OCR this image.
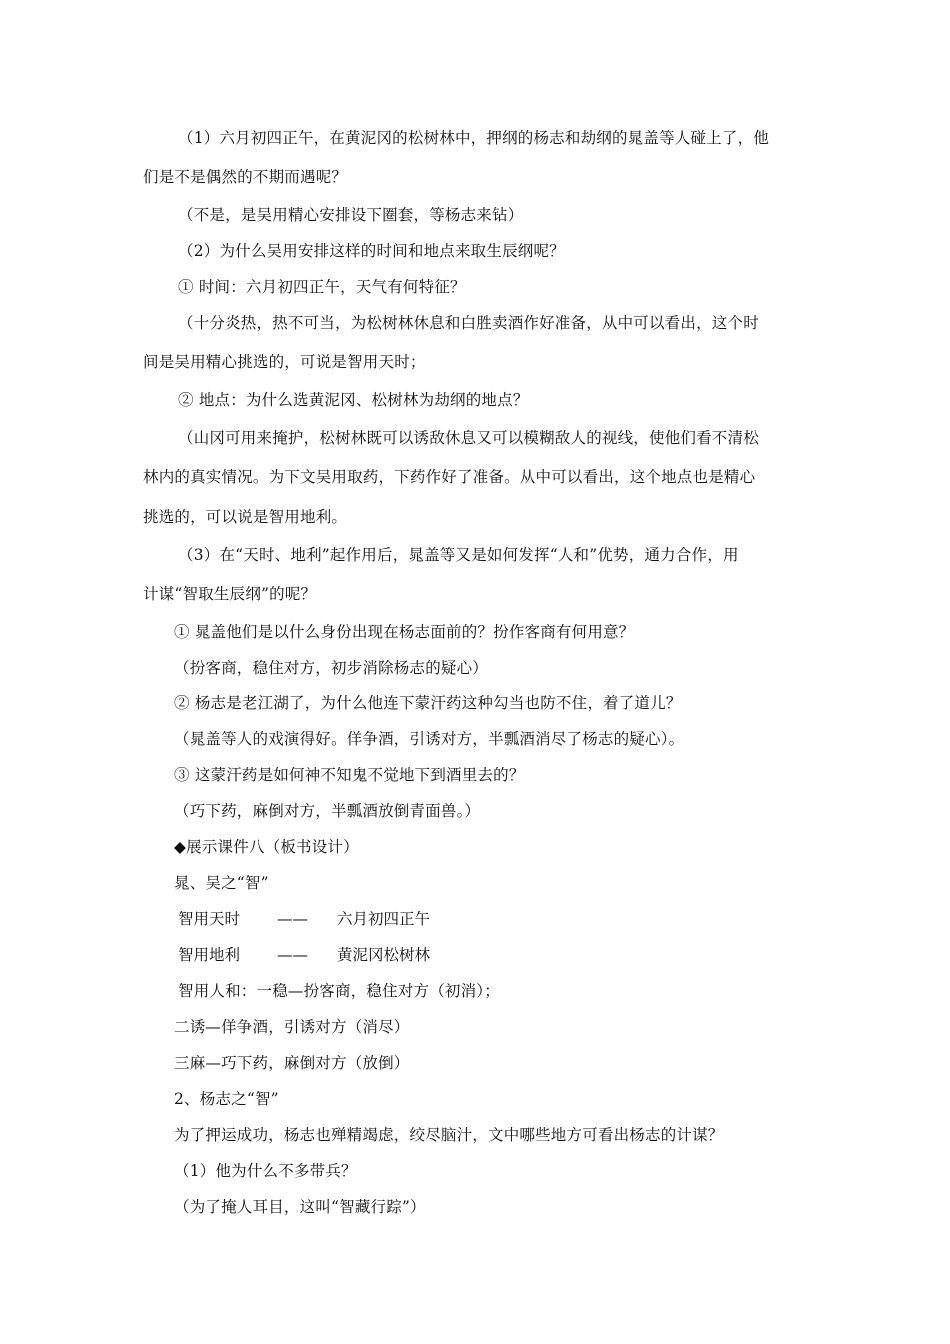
（1）六月初四正午，在黄泥冈的松树林中，押纲的杨志和劫纲的晁盖等人碰上了，他
们是不是偶然的不期而遇呢？
（不是，是吴用精心安排设下圈套，等杨志来钻）
（2）为什么吴用安排这样的时间和地点来取生辰纲呢？
① 时间：六月初四正午，天气有何特征？
（十分炎热，热不可当，为松树林休息和白胜卖酒作好准备，从中可以看出，这个时
间是吴用精心挑选的，可说是智用天时；
② 地点：为什么选黄泥冈、松树林为劫纲的地点？
（山冈可用来掩护，松树林既可以诱敌休息又可以模糊敌人的视线，使他们看不清松
林内的真实情况。为下文吴用取药，下药作好了准备。从中可以看出，这个地点也是精心
挑选的，可以说是智用地利。
（3）在“天时、地利”起作用后，晁盖等又是如何发挥“人和”优势，通力合作，用
计谋“智取生辰纲”的呢？
① 晁盖他们是以什么身份出现在杨志面前的？扮作客商有何用意？
（扮客商，稳住对方，初步消除杨志的疑心）
② 杨志是老江湖了，为什么他连下蒙汗药这种勾当也防不住，着了道儿？
（晁盖等人的戏演得好。佯争酒，引诱对方，半瓢酒消尽了杨志的疑心）。
③ 这蒙汗药是如何神不知鬼不觉地下到酒里去的？
（巧下药，麻倒对方，半瓢酒放倒青面兽。）
◆展示课件八（板书设计）
晁、吴之“智”
智用天时 —— 六月初四正午
智用地利 —— 黄泥冈松树林
智用人和：一稳—扮客商，稳住对方（初消）；
二诱—佯争酒，引诱对方（消尽）
三麻—巧下药，麻倒对方（放倒）
2、杨志之“智”
为了押运成功，杨志也殚精竭虑，绞尽脑汁，文中哪些地方可看出杨志的计谋？
（1）他为什么不多带兵？
（为了掩人耳目，这叫“智藏行踪”）
